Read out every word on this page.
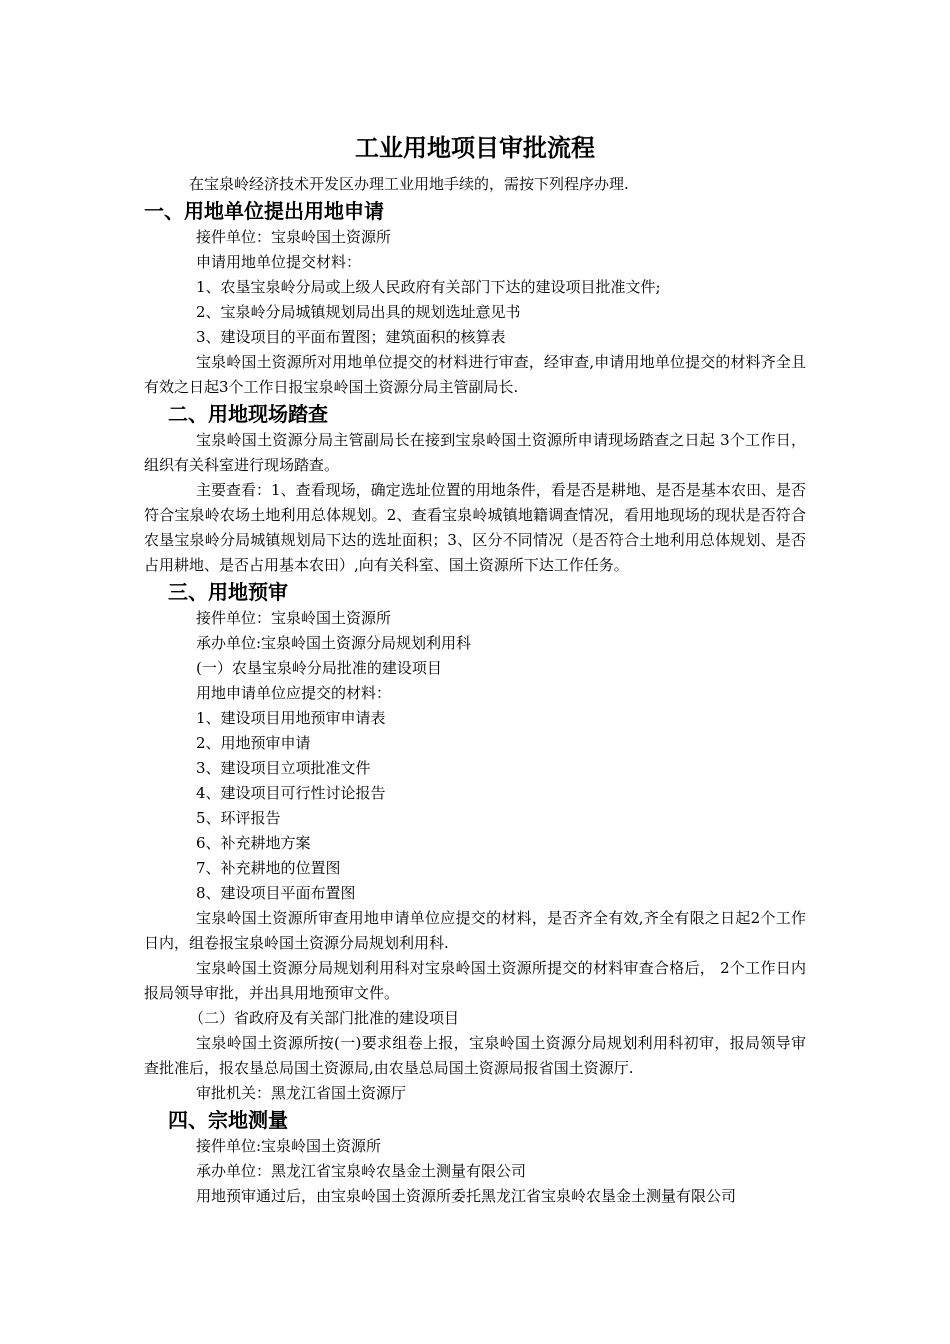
工业用地项目审批流程

在宝泉岭经济技术开发区办理工业用地手续的，需按下列程序办理.

一、用地单位提出用地申请

接件单位：宝泉岭国土资源所

申请用地单位提交材料：

1、农垦宝泉岭分局或上级人民政府有关部门下达的建设项目批准文件;

2、宝泉岭分局城镇规划局出具的规划选址意见书

3、建设项目的平面布置图；建筑面积的核算表

宝泉岭国土资源所对用地单位提交的材料进行审查，经审查,申请用地单位提交的材料齐全且有效之日起3个工作日报宝泉岭国土资源分局主管副局长.

二、用地现场踏查

宝泉岭国土资源分局主管副局长在接到宝泉岭国土资源所申请现场踏查之日起 3个工作日，组织有关科室进行现场踏查。

主要查看：1、查看现场，确定选址位置的用地条件，看是否是耕地、是否是基本农田、是否符合宝泉岭农场土地利用总体规划。2、查看宝泉岭城镇地籍调查情况，看用地现场的现状是否符合农垦宝泉岭分局城镇规划局下达的选址面积；3、区分不同情况（是否符合土地利用总体规划、是否占用耕地、是否占用基本农田）,向有关科室、国土资源所下达工作任务。

三、用地预审

接件单位：宝泉岭国土资源所

承办单位:宝泉岭国土资源分局规划利用科

(一）农垦宝泉岭分局批准的建设项目

用地申请单位应提交的材料：

1、建设项目用地预审申请表

2、用地预审申请

3、建设项目立项批准文件

4、建设项目可行性讨论报告

5、环评报告

6、补充耕地方案

7、补充耕地的位置图

8、建设项目平面布置图

宝泉岭国土资源所审查用地申请单位应提交的材料，是否齐全有效,齐全有限之日起2个工作日内，组卷报宝泉岭国土资源分局规划利用科.

宝泉岭国土资源分局规划利用科对宝泉岭国土资源所提交的材料审查合格后， 2个工作日内报局领导审批，并出具用地预审文件。

（二）省政府及有关部门批准的建设项目

宝泉岭国土资源所按(一)要求组卷上报，宝泉岭国土资源分局规划利用科初审，报局领导审查批准后，报农垦总局国土资源局,由农垦总局国土资源局报省国土资源厅.

审批机关：黑龙江省国土资源厅

四、宗地测量

接件单位:宝泉岭国土资源所

承办单位：黑龙江省宝泉岭农垦金土测量有限公司

用地预审通过后，由宝泉岭国土资源所委托黑龙江省宝泉岭农垦金土测量有限公司
